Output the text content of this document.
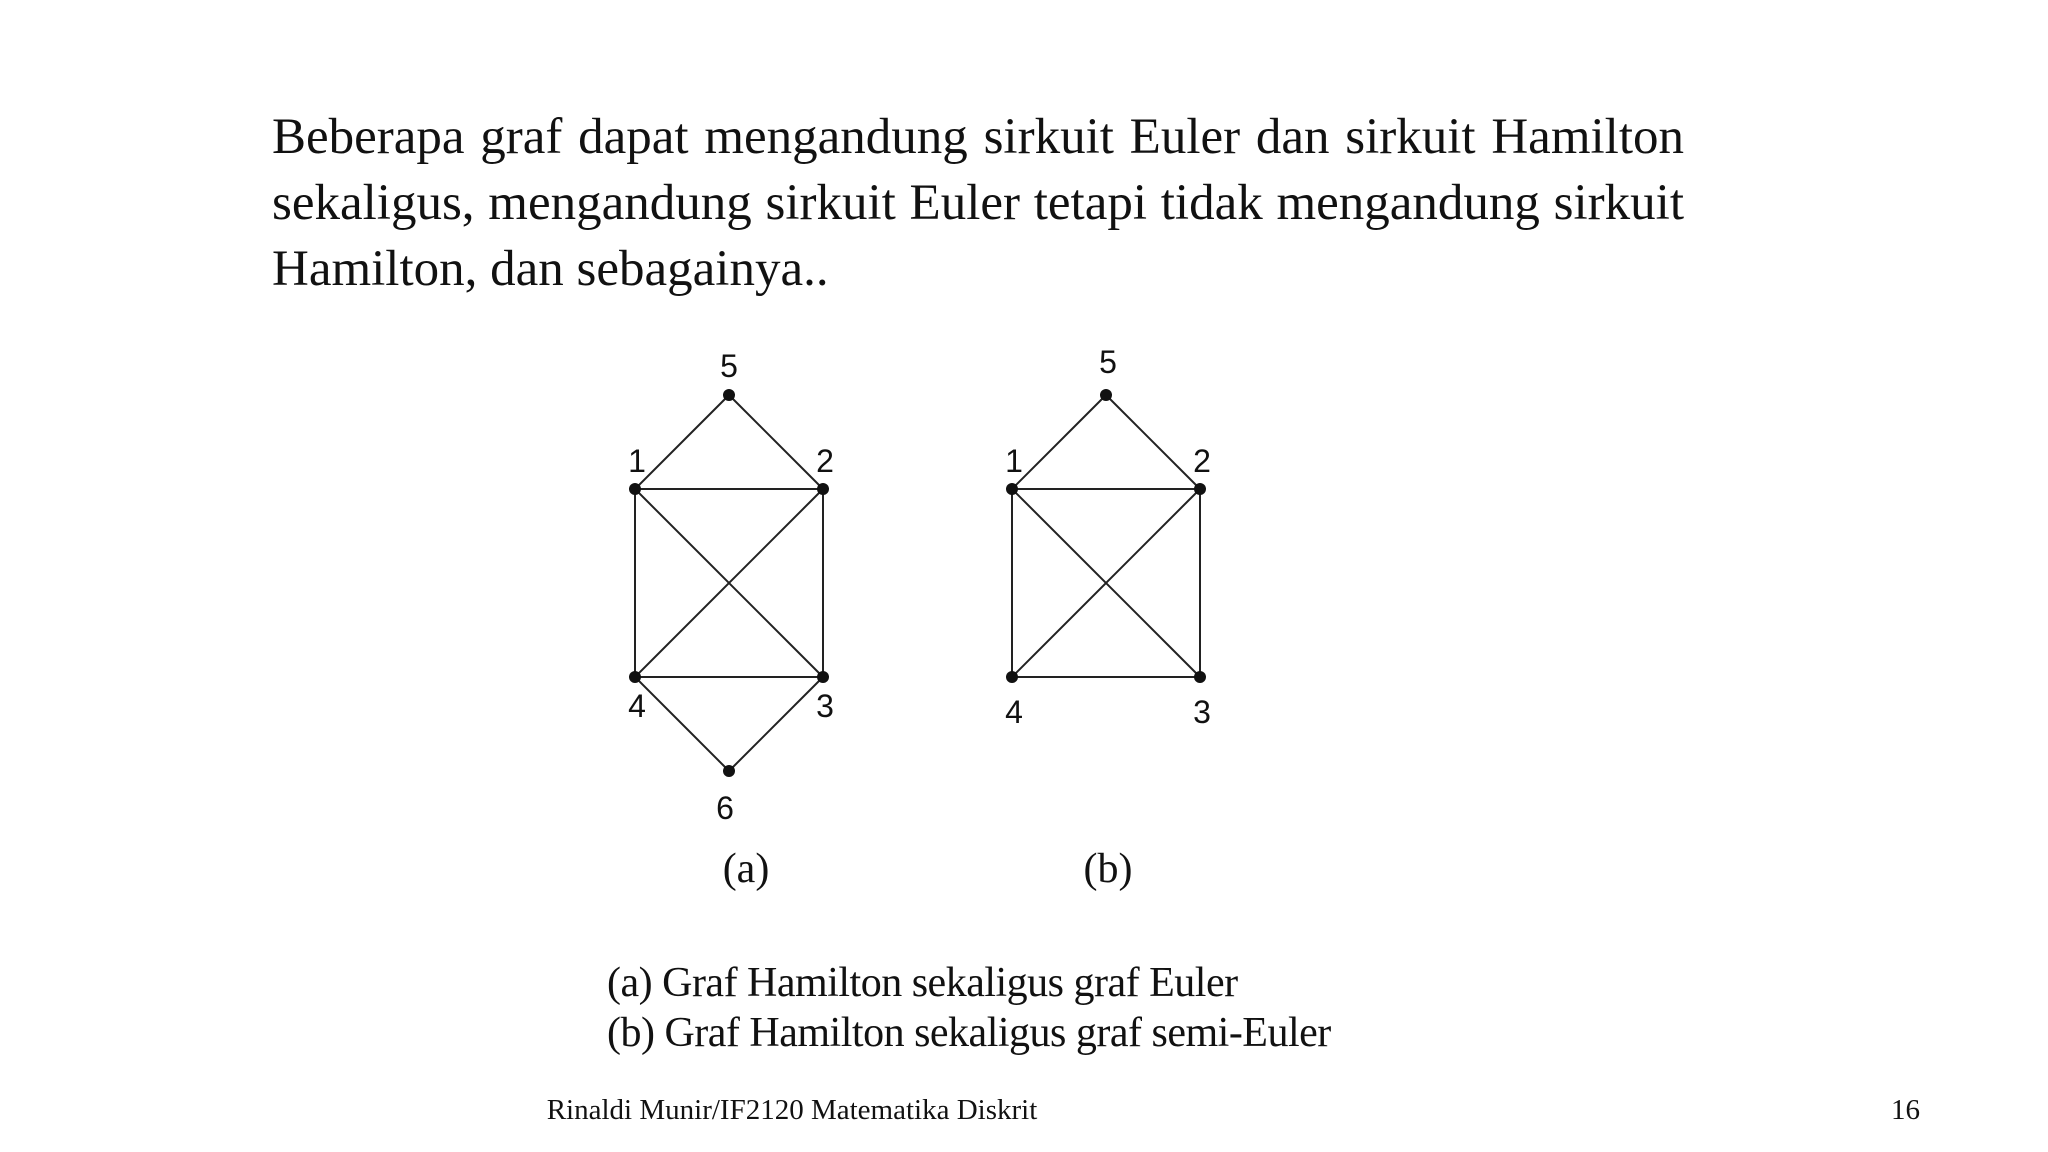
Beberapa graf dapat mengandung sirkuit Euler dan sirkuit Hamilton sekaligus, mengandung sirkuit Euler tetapi tidak mengandung sirkuit Hamilton, dan sebagainya..

5
1	2
4	3
6
(a)
5
1	2
4	3
(b)
(a) Graf Hamilton sekaligus graf Euler
(b) Graf Hamilton sekaligus graf semi-Euler
Rinaldi Munir/IF2120 Matematika Diskrit	16
